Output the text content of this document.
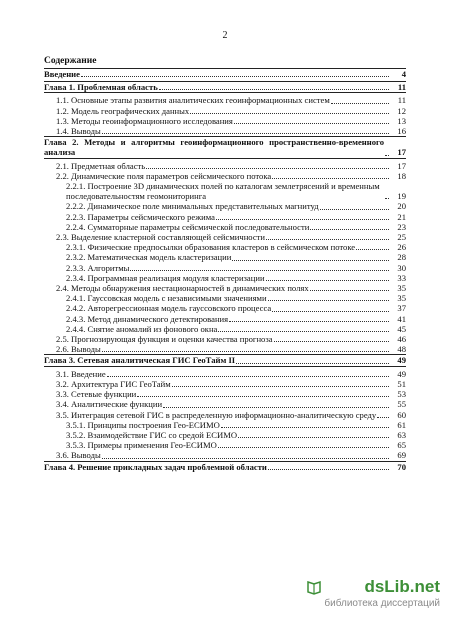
2
Содержание
Введение	4
Глава 1. Проблемная область	11
1.1. Основные этапы развития аналитических геоинформационных систем	11
1.2. Модель географических данных	12
1.3. Методы геоинформационного исследования	13
1.4. Выводы	16
Глава 2. Методы и алгоритмы геоинформационного пространственно-временного анализа	17
2.1. Предметная область	17
2.2. Динамические поля параметров сейсмического потока	18
2.2.1. Построение 3D динамических полей по каталогам землетрясений и временным последовательностям геомониторинга	19
2.2.2. Динамическое поле минимальных представительных магнитуд	20
2.2.3. Параметры сейсмического режима	21
2.2.4. Сумматорные параметры сейсмической последовательности	23
2.3. Выделение кластерной составляющей сейсмичности	25
2.3.1. Физические предпосылки образования кластеров в сейсмическом потоке	26
2.3.2. Математическая модель кластеризации	28
2.3.3. Алгоритмы	30
2.3.4. Программная реализация модуля кластеризации	33
2.4. Методы обнаружения нестационарностей в динамических полях	35
2.4.1. Гауссовская модель с независимыми значениями	35
2.4.2. Авторегрессионная модель гауссовского процесса	37
2.4.3. Метод динамического детектирования	41
2.4.4. Снятие аномалий из фонового окна	45
2.5. Прогнозирующая функция и оценки качества прогноза	46
2.6. Выводы	48
Глава 3. Сетевая аналитическая ГИС ГеоТайм II	49
3.1. Введение	49
3.2. Архитектура ГИС ГеоТайм	51
3.3. Сетевые функции	53
3.4. Аналитические функции	55
3.5. Интеграция сетевой ГИС в распределенную информационно-аналитическую среду	60
3.5.1. Принципы построения Гео-ЕСИМО	61
3.5.2. Взаимодействие ГИС со средой ЕСИМО	63
3.5.3. Примеры применения Гео-ЕСИМО	65
3.6. Выводы	69
Глава 4. Решение прикладных задач проблемной области	70
dsLib.net
библиотека диссертаций
